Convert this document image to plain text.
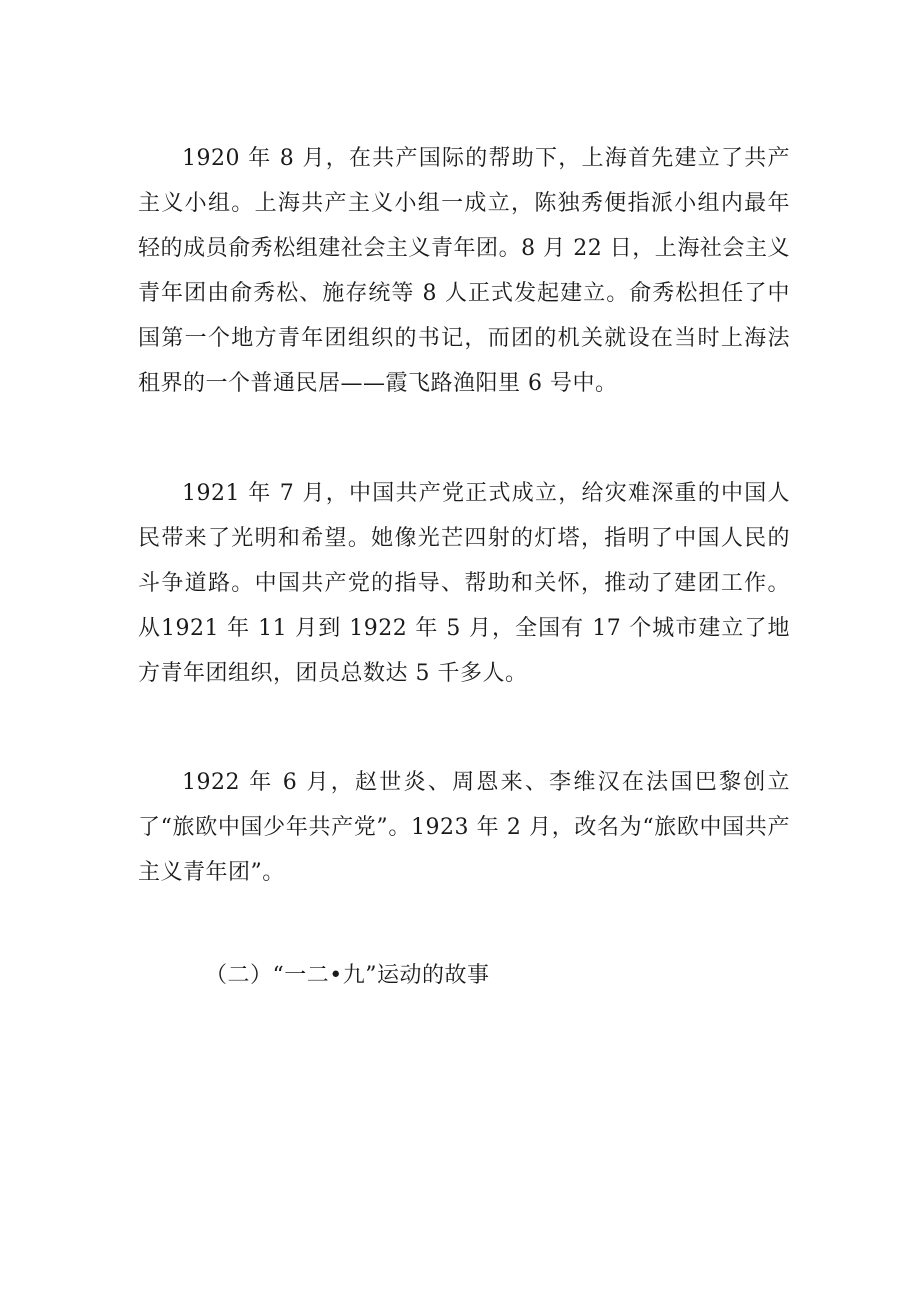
1920 年 8 月，在共产国际的帮助下，上海首先建立了共产主义小组。上海共产主义小组一成立，陈独秀便指派小组内最年轻的成员俞秀松组建社会主义青年团。8 月 22 日，上海社会主义青年团由俞秀松、施存统等 8 人正式发起建立。俞秀松担任了中国第一个地方青年团组织的书记，而团的机关就设在当时上海法租界的一个普通民居——霞飞路渔阳里 6 号中。

1921 年 7 月，中国共产党正式成立，给灾难深重的中国人民带来了光明和希望。她像光芒四射的灯塔，指明了中国人民的斗争道路。中国共产党的指导、帮助和关怀，推动了建团工作。从1921 年 11 月到 1922 年 5 月，全国有 17 个城市建立了地方青年团组织，团员总数达 5 千多人。

1922 年 6 月，赵世炎、周恩来、李维汉在法国巴黎创立了“旅欧中国少年共产党”。1923 年 2 月，改名为“旅欧中国共产主义青年团”。

（二）“一二•九”运动的故事
